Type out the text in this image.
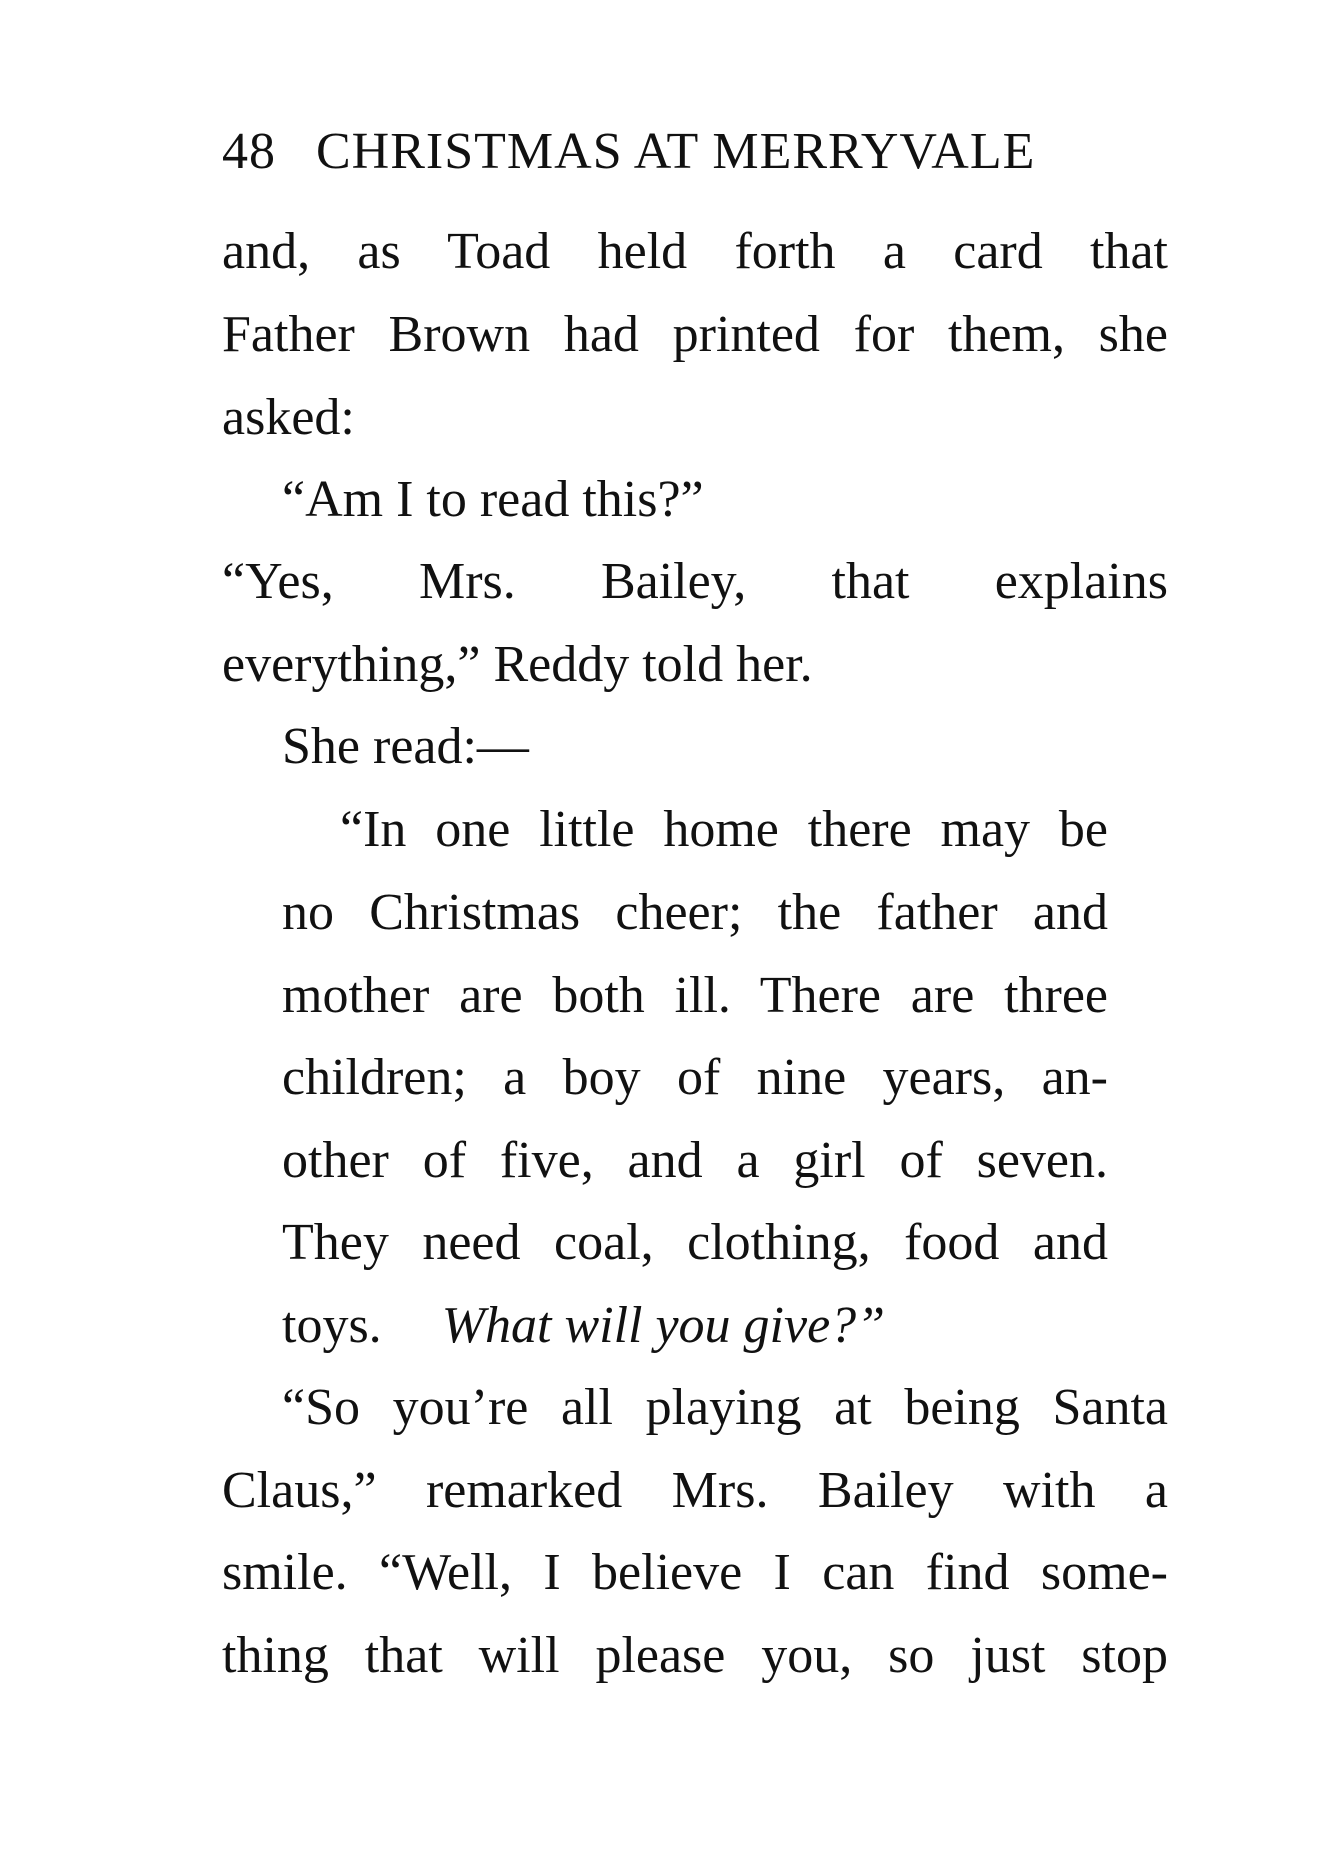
48 CHRISTMAS AT MERRYVALE
and, as Toad held forth a card that
Father Brown had printed for them, she
asked:
“Am I to read this?”
“Yes, Mrs. Bailey, that explains
everything,” Reddy told her.
She read:—
“In one little home there may be
no Christmas cheer; the father and
mother are both ill. There are three
children; a boy of nine years, an-
other of five, and a girl of seven.
They need coal, clothing, food and
toys. What will you give?”
“So you’re all playing at being Santa
Claus,” remarked Mrs. Bailey with a
smile. “Well, I believe I can find some-
thing that will please you, so just stop
